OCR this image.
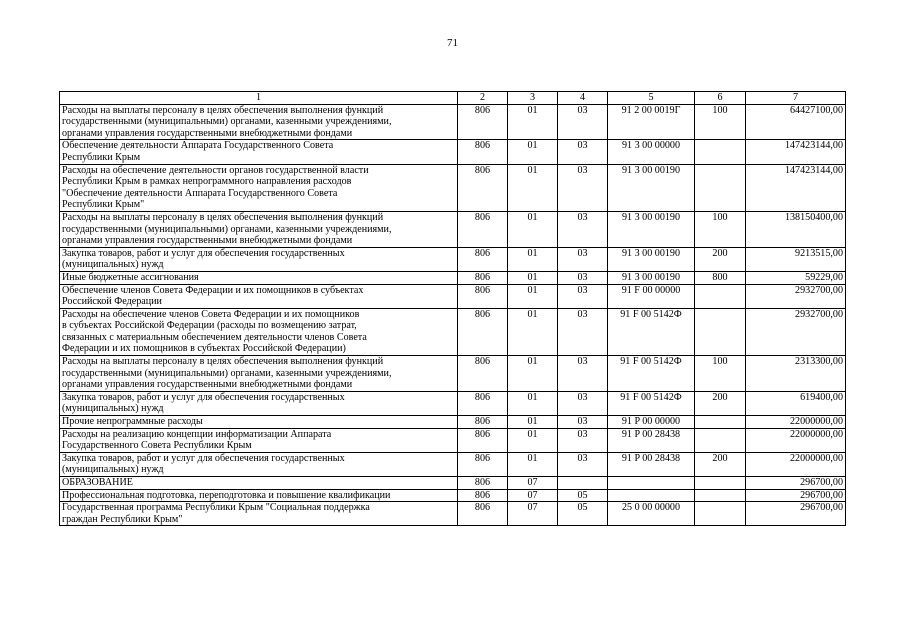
71
1	2	3	4	5	6	7

Расходы на выплаты персоналу в целях обеспечения выполнения функций
государственными (муниципальными) органами, казенными учреждениями,
органами управления государственными внебюджетными фондами	806	01	03	91 2 00 0019Г	100	64427100,00

Обеспечение деятельности Аппарата Государственного Совета
Республики Крым	806	01	03	91 3 00 00000		147423144,00

Расходы на обеспечение деятельности органов государственной власти
Республики Крым в рамках непрограммного направления расходов
"Обеспечение деятельности Аппарата Государственного Совета
Республики Крым"	806	01	03	91 3 00 00190		147423144,00

Расходы на выплаты персоналу в целях обеспечения выполнения функций
государственными (муниципальными) органами, казенными учреждениями,
органами управления государственными внебюджетными фондами	806	01	03	91 3 00 00190	100	138150400,00

Закупка товаров, работ и услуг для обеспечения государственных
(муниципальных) нужд	806	01	03	91 3 00 00190	200	9213515,00

Иные бюджетные ассигнования	806	01	03	91 3 00 00190	800	59229,00

Обеспечение членов Совета Федерации и их помощников в субъектах
Российской Федерации	806	01	03	91 F 00 00000		2932700,00

Расходы на обеспечение членов Совета Федерации и их помощников
в субъектах Российской Федерации (расходы по возмещению затрат,
связанных с материальным обеспечением деятельности членов Совета
Федерации и их помощников в субъектах Российской Федерации)	806	01	03	91 F 00 5142Ф		2932700,00

Расходы на выплаты персоналу в целях обеспечения выполнения функций
государственными (муниципальными) органами, казенными учреждениями,
органами управления государственными внебюджетными фондами	806	01	03	91 F 00 5142Ф	100	2313300,00

Закупка товаров, работ и услуг для обеспечения государственных
(муниципальных) нужд	806	01	03	91 F 00 5142Ф	200	619400,00

Прочие непрограммные расходы	806	01	03	91 P 00 00000		22000000,00

Расходы на реализацию концепции информатизации Аппарата
Государственного Совета Республики Крым	806	01	03	91 P 00 28438		22000000,00

Закупка товаров, работ и услуг для обеспечения государственных
(муниципальных) нужд	806	01	03	91 P 00 28438	200	22000000,00

ОБРАЗОВАНИЕ	806	07				296700,00

Профессиональная подготовка, переподготовка и повышение квалификации	806	07	05			296700,00

Государственная программа Республики Крым "Социальная поддержка
граждан Республики Крым"	806	07	05	25 0 00 00000		296700,00
